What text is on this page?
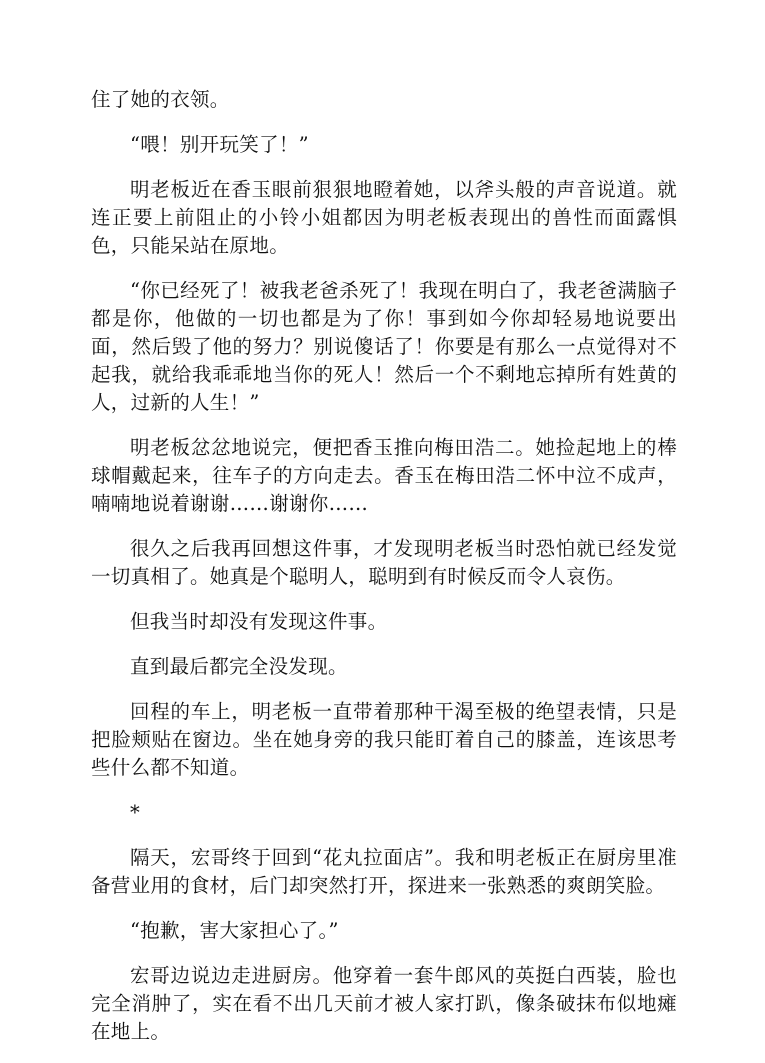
住了她的衣领。

“喂！别开玩笑了！”

明老板近在香玉眼前狠狠地瞪着她，以斧头般的声音说道。就连正要上前阻止的小铃小姐都因为明老板表现出的兽性而面露惧色，只能呆站在原地。

“你已经死了！被我老爸杀死了！我现在明白了，我老爸满脑子都是你，他做的一切也都是为了你！事到如今你却轻易地说要出面，然后毁了他的努力？别说傻话了！你要是有那么一点觉得对不起我，就给我乖乖地当你的死人！然后一个不剩地忘掉所有姓黄的人，过新的人生！”

明老板忿忿地说完，便把香玉推向梅田浩二。她捡起地上的棒球帽戴起来，往车子的方向走去。香玉在梅田浩二怀中泣不成声，喃喃地说着谢谢……谢谢你……

很久之后我再回想这件事，才发现明老板当时恐怕就已经发觉一切真相了。她真是个聪明人，聪明到有时候反而令人哀伤。

但我当时却没有发现这件事。

直到最后都完全没发现。

回程的车上，明老板一直带着那种干渴至极的绝望表情，只是把脸颊贴在窗边。坐在她身旁的我只能盯着自己的膝盖，连该思考些什么都不知道。

*

隔天，宏哥终于回到“花丸拉面店”。我和明老板正在厨房里准备营业用的食材，后门却突然打开，探进来一张熟悉的爽朗笑脸。

“抱歉，害大家担心了。”

宏哥边说边走进厨房。他穿着一套牛郎风的英挺白西装，脸也完全消肿了，实在看不出几天前才被人家打趴，像条破抹布似地瘫在地上。
